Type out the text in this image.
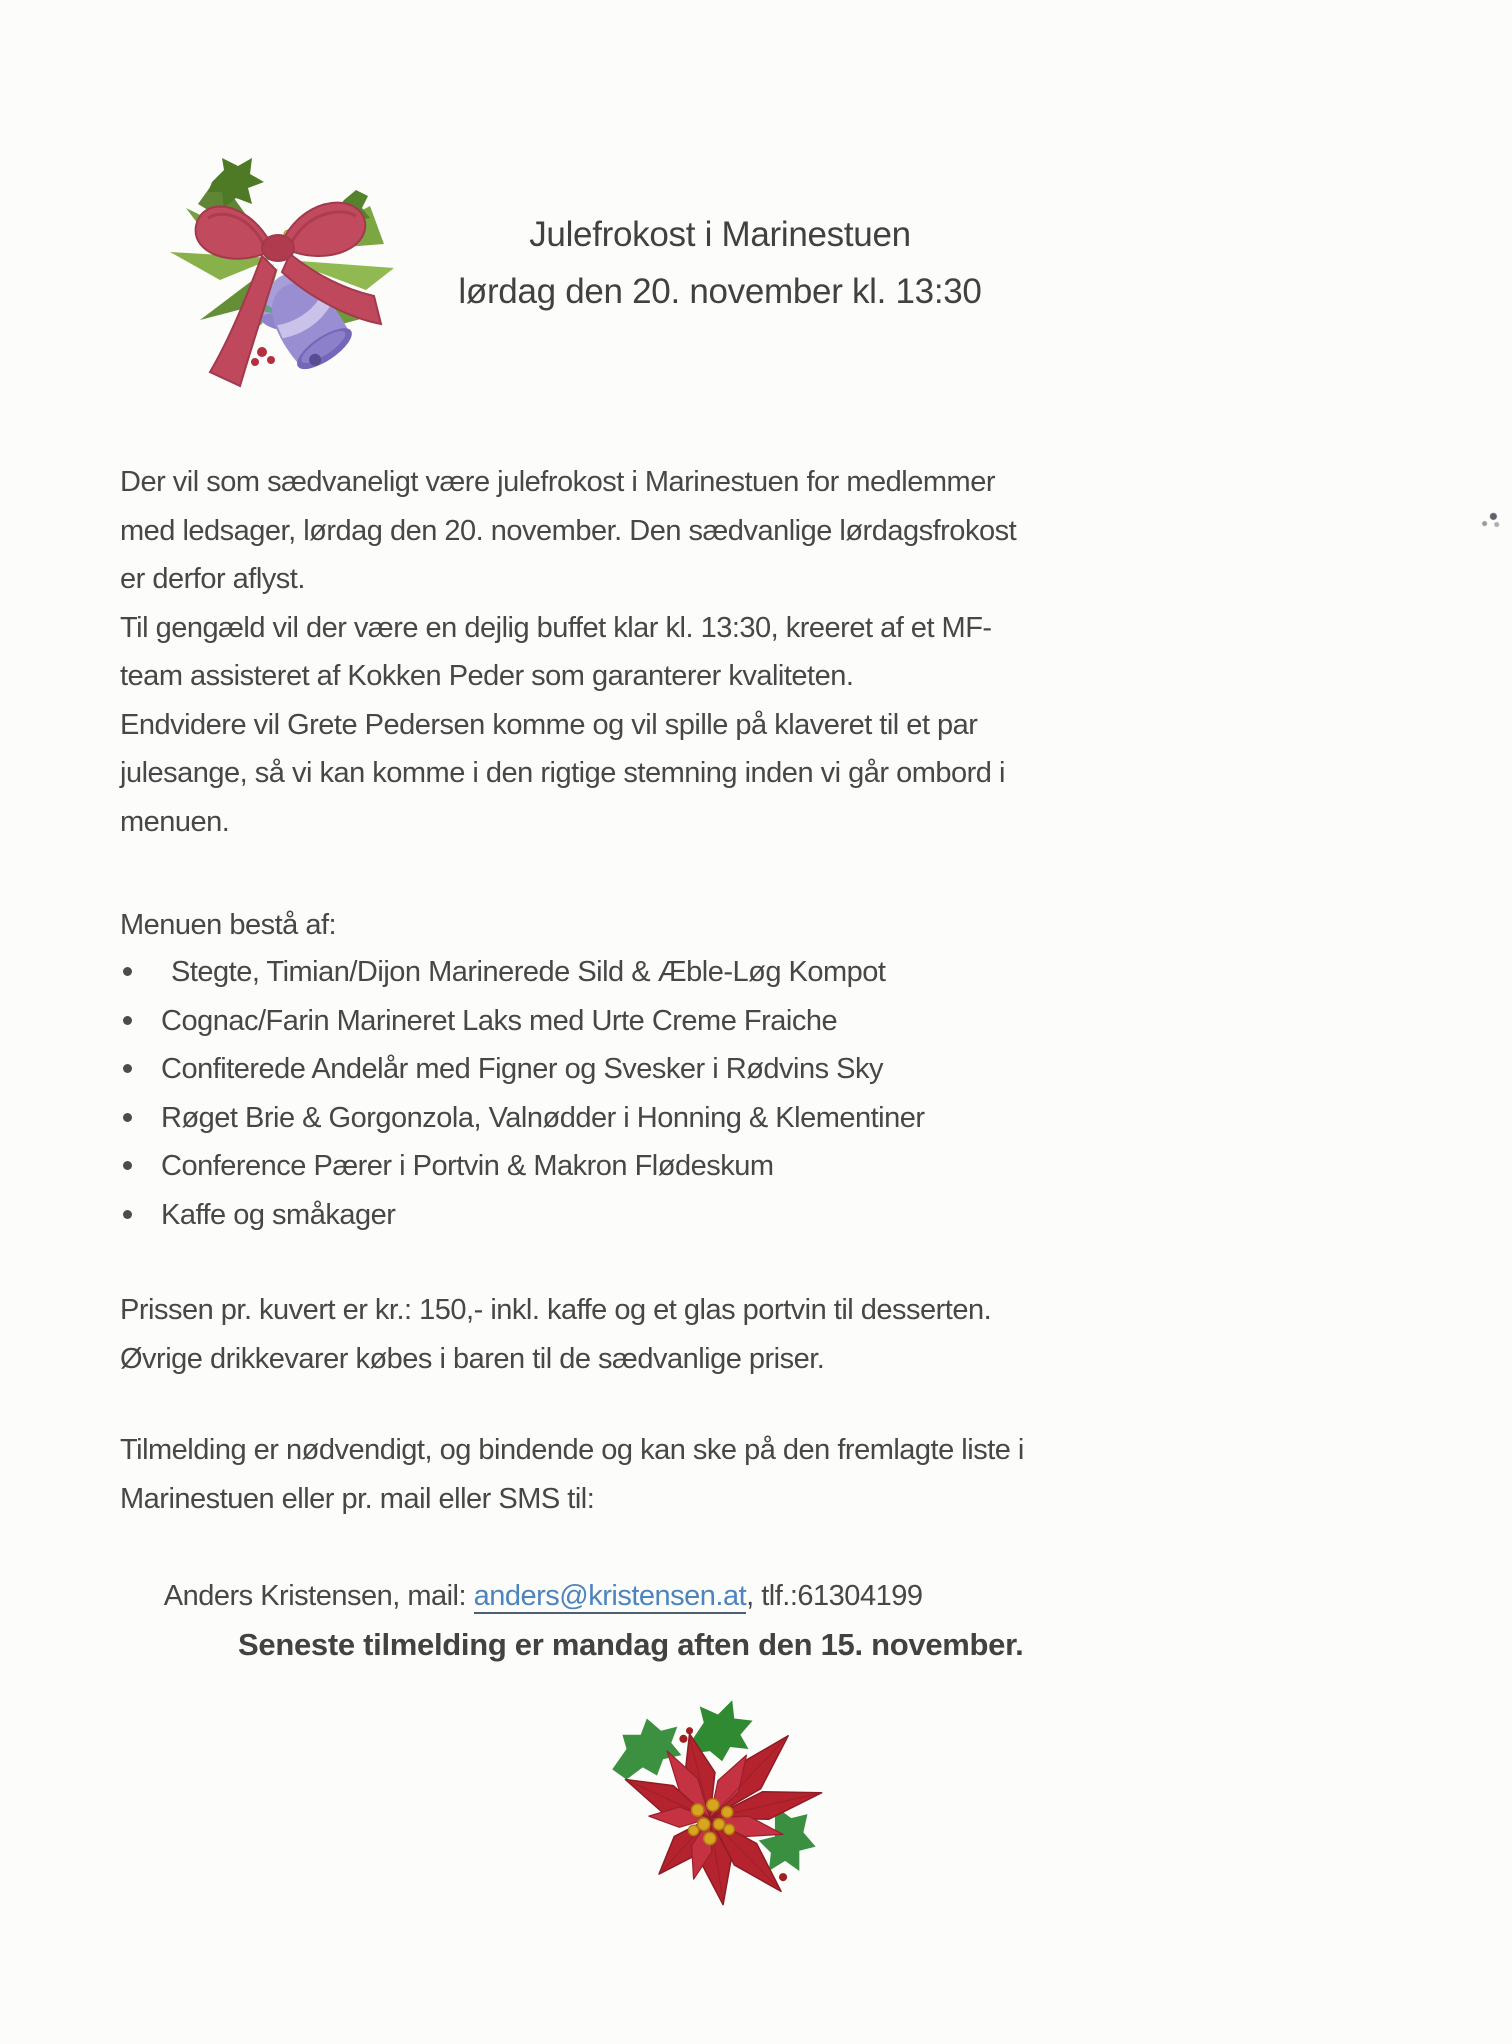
Julefrokost i Marinestuen
lørdag den 20. november kl. 13:30
Der vil som sædvaneligt være julefrokost i Marinestuen for medlemmer
med ledsager, lørdag den 20. november. Den sædvanlige lørdagsfrokost
er derfor aflyst.
Til gengæld vil der være en dejlig buffet klar kl. 13:30, kreeret af et MF-
team assisteret af Kokken Peder som garanterer kvaliteten.
Endvidere vil Grete Pedersen komme og vil spille på klaveret til et par
julesange, så vi kan komme i den rigtige stemning inden vi går ombord i
menuen.
Menuen bestå af:
Stegte, Timian/Dijon Marinerede Sild & Æble-Løg Kompot
Cognac/Farin Marineret Laks med Urte Creme Fraiche
Confiterede Andelår med Figner og Svesker i Rødvins Sky
Røget Brie & Gorgonzola, Valnødder i Honning & Klementiner
Conference Pærer i Portvin & Makron Flødeskum
Kaffe og småkager
Prissen pr. kuvert er kr.: 150,- inkl. kaffe og et glas portvin til desserten.
Øvrige drikkevarer købes i baren til de sædvanlige priser.
Tilmelding er nødvendigt, og bindende og kan ske på den fremlagte liste i
Marinestuen eller pr. mail eller SMS til:

Anders Kristensen, mail: anders@kristensen.at, tlf.:61304199

Seneste tilmelding er mandag aften den 15. november.
